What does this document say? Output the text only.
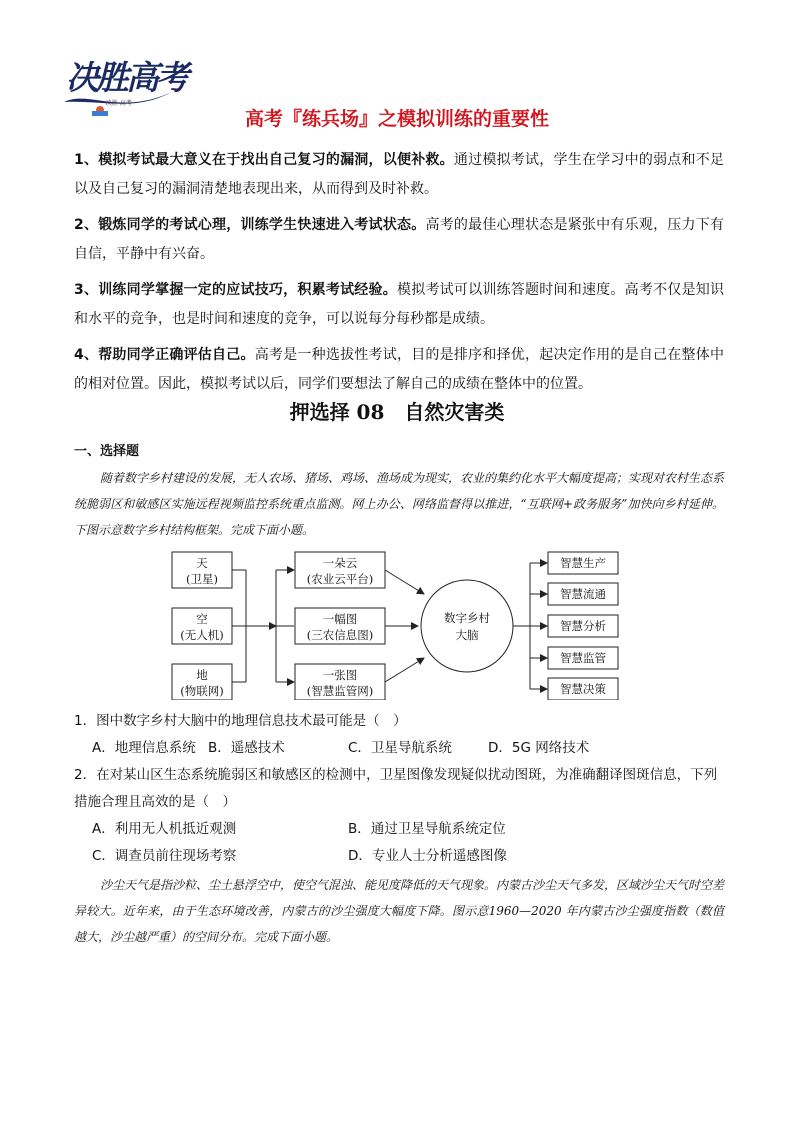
决胜高考
·决胜·高考
高考『练兵场』之模拟训练的重要性

1、模拟考试最大意义在于找出自己复习的漏洞，以便补救。通过模拟考试，学生在学习中的弱点和不足以及自己复习的漏洞清楚地表现出来，从而得到及时补救。

2、锻炼同学的考试心理，训练学生快速进入考试状态。高考的最佳心理状态是紧张中有乐观，压力下有自信，平静中有兴奋。

3、训练同学掌握一定的应试技巧，积累考试经验。模拟考试可以训练答题时间和速度。高考不仅是知识和水平的竞争，也是时间和速度的竞争，可以说每分每秒都是成绩。

4、帮助同学正确评估自己。高考是一种选拔性考试，目的是排序和择优，起决定作用的是自己在整体中的相对位置。因此，模拟考试以后，同学们要想法了解自己的成绩在整体中的位置。

押选择 08　自然灾害类
一、选择题

随着数字乡村建设的发展，无人农场、猪场、鸡场、渔场成为现实，农业的集约化水平大幅度提高；实现对农村生态系统脆弱区和敏感区实施远程视频监控系统重点监测。网上办公、网络监督得以推进，“互联网+政务服务”加快向乡村延伸。下图示意数字乡村结构框架。完成下面小题。

天
(卫星)
空
(无人机)
地
(物联网)
一朵云
(农业云平台)
一幅图
(三农信息图)
一张图
(智慧监管网)
数字乡村
大脑
智慧生产
智慧流通
智慧分析
智慧监管
智慧决策

1．图中数字乡村大脑中的地理信息技术最可能是（　）

A．地理信息系统 B．遥感技术	C．卫星导航系统	D．5G 网络技术

2．在对某山区生态系统脆弱区和敏感区的检测中，卫星图像发现疑似扰动图斑，为准确翻译图斑信息，下列措施合理且高效的是（　）

A．利用无人机抵近观测	B．通过卫星导航系统定位
C．调查员前往现场考察	D．专业人士分析遥感图像

沙尘天气是指沙粒、尘土悬浮空中，使空气混浊、能见度降低的天气现象。内蒙古沙尘天气多发，区域沙尘天气时空差异较大。近年来，由于生态环境改善，内蒙古的沙尘强度大幅度下降。图示意1960—2020 年内蒙古沙尘强度指数（数值越大，沙尘越严重）的空间分布。完成下面小题。
